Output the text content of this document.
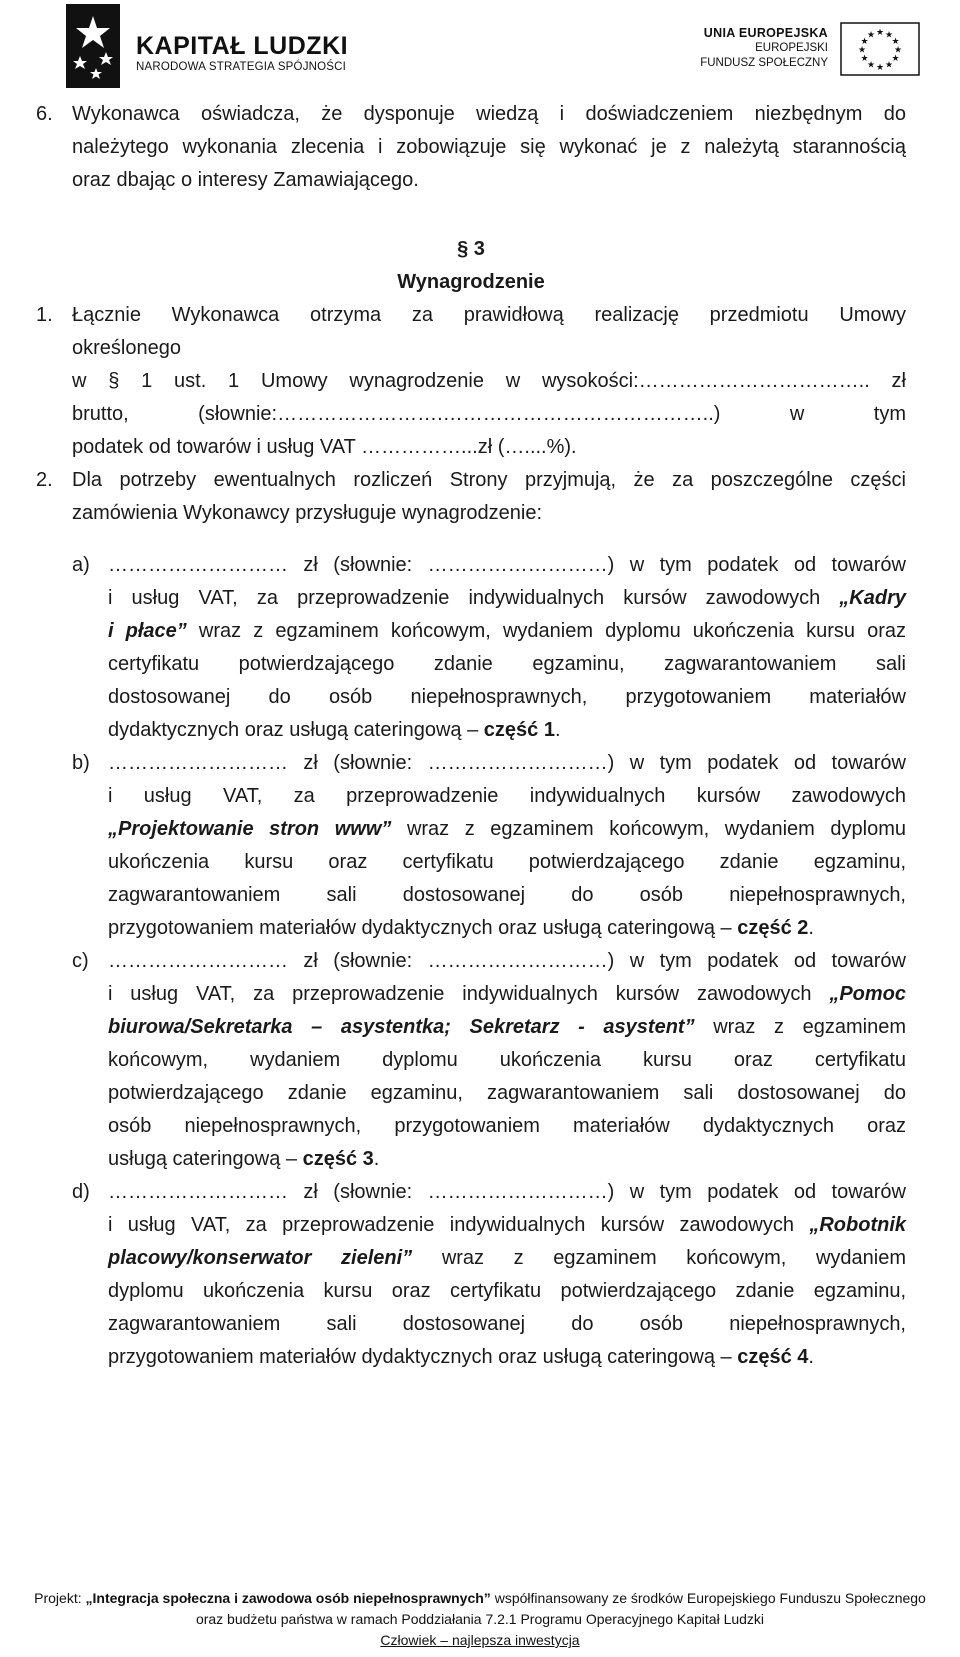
KAPITAŁ LUDZKI
NARODOWA STRATEGIA SPÓJNOŚCI
UNIA EUROPEJSKA
EUROPEJSKI
FUNDUSZ SPOŁECZNY
★ ★
★
★
★
★
★
★
★
★
★
★
6. Wykonawca oświadcza, że dysponuje wiedzą i doświadczeniem niezbędnym do
należytego wykonania zlecenia i zobowiązuje się wykonać je z należytą starannością
oraz dbając o interesy Zamawiającego.
§ 3
Wynagrodzenie
1. Łącznie Wykonawca otrzyma za prawidłową realizację przedmiotu Umowy
określonego
w § 1 ust. 1 Umowy wynagrodzenie w wysokości:…………………………….. zł
brutto, (słownie:…………………….…………………………………..) w tym
podatek od towarów i usług VAT ……………...zł (…....%).
2. Dla potrzeby ewentualnych rozliczeń Strony przyjmują, że za poszczególne części
zamówienia Wykonawcy przysługuje wynagrodzenie:
a) ……………………… zł (słownie: ………………………) w tym podatek od towarów
i usług VAT, za przeprowadzenie indywidualnych kursów zawodowych „Kadry
i płace” wraz z egzaminem końcowym, wydaniem dyplomu ukończenia kursu oraz
certyfikatu potwierdzającego zdanie egzaminu, zagwarantowaniem sali
dostosowanej do osób niepełnosprawnych, przygotowaniem materiałów
dydaktycznych oraz usługą cateringową – część 1.
b) ……………………… zł (słownie: ………………………) w tym podatek od towarów
i usług VAT, za przeprowadzenie indywidualnych kursów zawodowych
„Projektowanie stron www” wraz z egzaminem końcowym, wydaniem dyplomu
ukończenia kursu oraz certyfikatu potwierdzającego zdanie egzaminu,
zagwarantowaniem sali dostosowanej do osób niepełnosprawnych,
przygotowaniem materiałów dydaktycznych oraz usługą cateringową – część 2.
c) ……………………… zł (słownie: ………………………) w tym podatek od towarów
i usług VAT, za przeprowadzenie indywidualnych kursów zawodowych „Pomoc
biurowa/Sekretarka – asystentka; Sekretarz - asystent” wraz z egzaminem
końcowym, wydaniem dyplomu ukończenia kursu oraz certyfikatu
potwierdzającego zdanie egzaminu, zagwarantowaniem sali dostosowanej do
osób niepełnosprawnych, przygotowaniem materiałów dydaktycznych oraz
usługą cateringową – część 3.
d) ……………………… zł (słownie: ………………………) w tym podatek od towarów
i usług VAT, za przeprowadzenie indywidualnych kursów zawodowych „Robotnik
placowy/konserwator zieleni” wraz z egzaminem końcowym, wydaniem
dyplomu ukończenia kursu oraz certyfikatu potwierdzającego zdanie egzaminu,
zagwarantowaniem sali dostosowanej do osób niepełnosprawnych,
przygotowaniem materiałów dydaktycznych oraz usługą cateringową – część 4.
Projekt: „Integracja społeczna i zawodowa osób niepełnosprawnych” współfinansowany ze środków Europejskiego Funduszu Społecznego
oraz budżetu państwa w ramach Poddziałania 7.2.1 Programu Operacyjnego Kapitał Ludzki
Człowiek – najlepsza inwestycja
